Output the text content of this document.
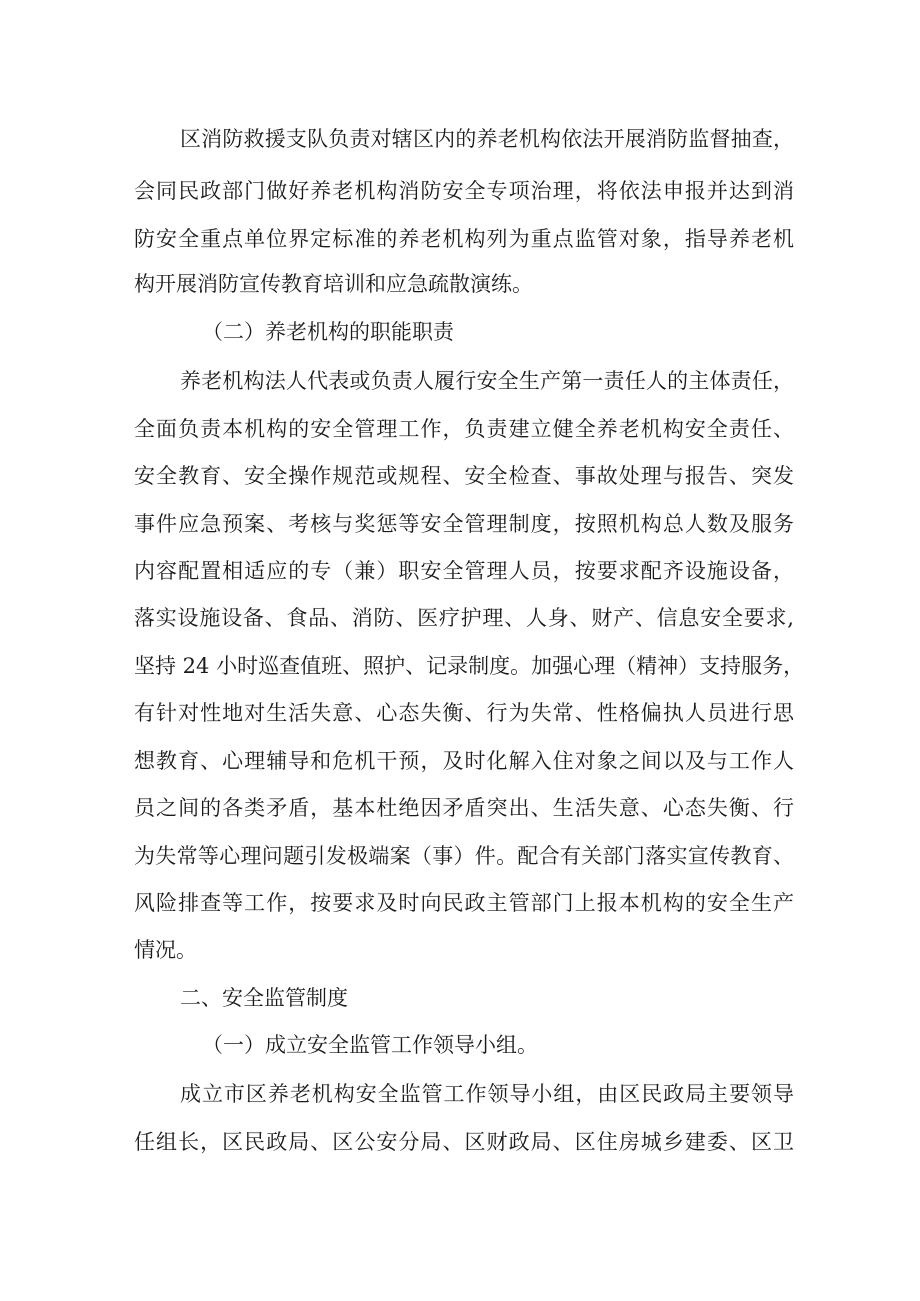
区消防救援支队负责对辖区内的养老机构依法开展消防监督抽查，

会同民政部门做好养老机构消防安全专项治理，将依法申报并达到消

防安全重点单位界定标准的养老机构列为重点监管对象，指导养老机

构开展消防宣传教育培训和应急疏散演练。

（二）养老机构的职能职责

养老机构法人代表或负责人履行安全生产第一责任人的主体责任，

全面负责本机构的安全管理工作，负责建立健全养老机构安全责任、

安全教育、安全操作规范或规程、安全检查、事故处理与报告、突发

事件应急预案、考核与奖惩等安全管理制度，按照机构总人数及服务

内容配置相适应的专（兼）职安全管理人员，按要求配齐设施设备，

落实设施设备、食品、消防、医疗护理、人身、财产、信息安全要求,

坚持 24 小时巡查值班、照护、记录制度。加强心理（精神）支持服务，

有针对性地对生活失意、心态失衡、行为失常、性格偏执人员进行思

想教育、心理辅导和危机干预，及时化解入住对象之间以及与工作人

员之间的各类矛盾，基本杜绝因矛盾突出、生活失意、心态失衡、行

为失常等心理问题引发极端案（事）件。配合有关部门落实宣传教育、

风险排查等工作，按要求及时向民政主管部门上报本机构的安全生产

情况。

二、安全监管制度

（一）成立安全监管工作领导小组。

成立市区养老机构安全监管工作领导小组，由区民政局主要领导

任组长，区民政局、区公安分局、区财政局、区住房城乡建委、区卫
